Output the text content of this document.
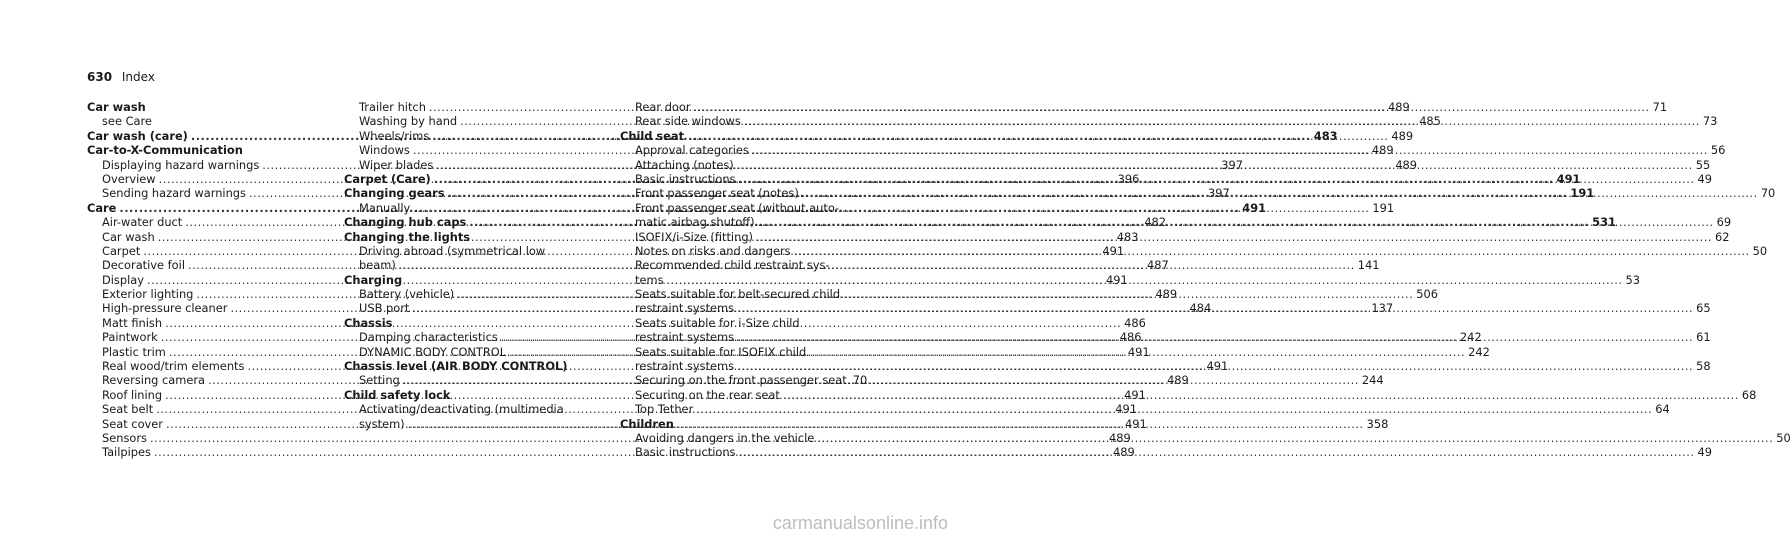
630 Index
Car wash
see Care
Car wash (care) .....	483
Car-to-X-Communication
Displaying hazard warnings .....	397
Overview .....	396
Sending hazard warnings .....	397
Care .....	491
Air-water duct .....	482
Car wash .....	483
Carpet .....	491
Decorative foil .....	487
Display .....	491
Exterior lighting .....	489
High-pressure cleaner .....	484
Matt finish .....	486
Paintwork .....	486
Plastic trim .....	491
Real wood/trim elements .....	491
Reversing camera .....	489
Roof lining .....	491
Seat belt .....	491
Seat cover .....	491
Sensors .....	489
Tailpipes .....	489
Trailer hitch .....	489
Washing by hand .....	485
Wheels/rims .....	489
Windows .....	489
Wiper blades .....	489
Carpet (Care) .....	491
Changing gears .....	191
Manually .....	191
Changing hub caps .....	531
Changing the lights
Driving abroad (symmetrical low
beam) .....	141
Charging
Battery (vehicle) .....	506
USB port .....	137
Chassis
Damping characteristics .....	242
DYNAMIC BODY CONTROL .....	242
Chassis level (AIR BODY CONTROL)
Setting .....	244
Child safety lock
Activating/deactivating (multimedia
system) .....	358
Rear door .....	71
Rear side windows .....	73
Child seat
Approval categories .....	56
Attaching (notes) .....	55
Basic instructions .....	49
Front passenger seat (notes) .....	70
Front passenger seat (without auto-
matic airbag shutoff) .....	69
ISOFIX/i-Size (fitting) .....	62
Notes on risks and dangers .....	50
Recommended child restraint sys-
tems .....	53
Seats suitable for belt-secured child
restraint systems .....	65
Seats suitable for i-Size child
restraint systems .....	61
Seats suitable for ISOFIX child
restraint systems .....	58
Securing on the front passenger seat 70
Securing on the rear seat .....	68
Top Tether .....	64
Children
Avoiding dangers in the vehicle .....	50
Basic instructions .....	49
carmanualsonline.info
